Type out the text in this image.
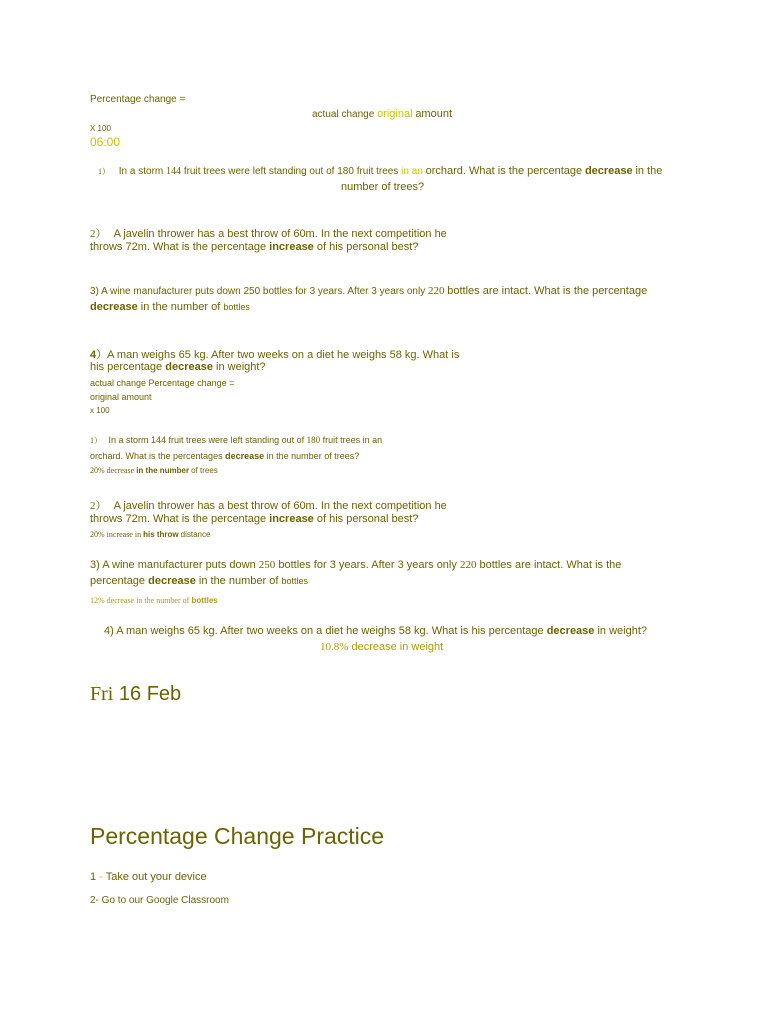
Percentage change =
actual change original amount
X 100
06:00
1） In a storm 144 fruit trees were left standing out of 180 fruit trees in an orchard. What is the percentage decrease in the
number of trees?
2） A javelin thrower has a best throw of 60m. In the next competition he
throws 72m. What is the percentage increase of his personal best?
3) A wine manufacturer puts down 250 bottles for 3 years. After 3 years only 220 bottles are intact. What is the percentage
decrease in the number of bottles
4）A man weighs 65 kg. After two weeks on a diet he weighs 58 kg. What is
his percentage decrease in weight?
actual change Percentage change =
original amount
x 100
1） In a storm 144 fruit trees were left standing out of 180 fruit trees in an
orchard. What is the percentages decrease in the number of trees?
20% decrease in the number of trees
2） A javelin thrower has a best throw of 60m. In the next competition he
throws 72m. What is the percentage increase of his personal best?
20% increase in his throw distance
3) A wine manufacturer puts down 250 bottles for 3 years. After 3 years only 220 bottles are intact. What is the
percentage decrease in the number of bottles
12% decrease in the number of bottles
4) A man weighs 65 kg. After two weeks on a diet he weighs 58 kg. What is his percentage decrease in weight?
10.8% decrease in weight
Fri 16 Feb
Percentage Change Practice
1 - Take out your device
2- Go to our Google Classroom
